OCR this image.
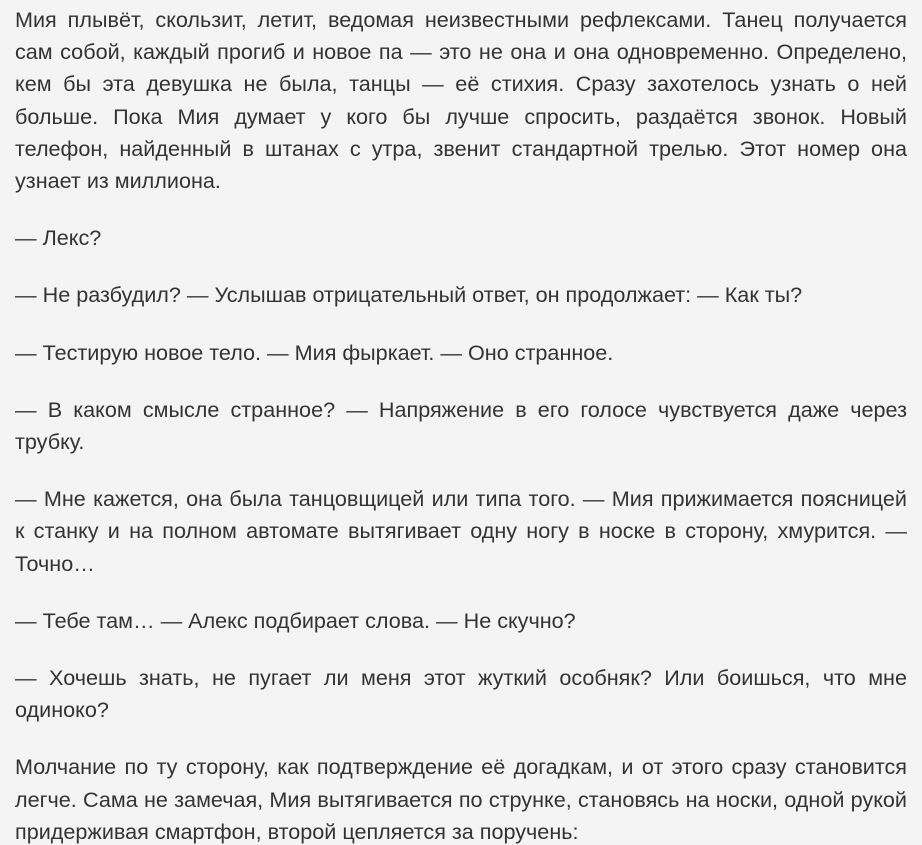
Мия плывёт, скользит, летит, ведомая неизвестными рефлексами. Танец получается сам собой, каждый прогиб и новое па — это не она и она одновременно. Определено, кем бы эта девушка не была, танцы — её стихия. Сразу захотелось узнать о ней больше. Пока Мия думает у кого бы лучше спросить, раздаётся звонок. Новый телефон, найденный в штанах с утра, звенит стандартной трелью. Этот номер она узнает из миллиона.

— Лекс?

— Не разбудил? — Услышав отрицательный ответ, он продолжает: — Как ты?

— Тестирую новое тело. — Мия фыркает. — Оно странное.

— В каком смысле странное? — Напряжение в его голосе чувствуется даже через трубку.

— Мне кажется, она была танцовщицей или типа того. — Мия прижимается поясницей к станку и на полном автомате вытягивает одну ногу в носке в сторону, хмурится. — Точно…

— Тебе там… — Алекс подбирает слова. — Не скучно?

— Хочешь знать, не пугает ли меня этот жуткий особняк? Или боишься, что мне одиноко?

Молчание по ту сторону, как подтверждение её догадкам, и от этого сразу становится легче. Сама не замечая, Мия вытягивается по струнке, становясь на носки, одной рукой придерживая смартфон, второй цепляется за поручень:
